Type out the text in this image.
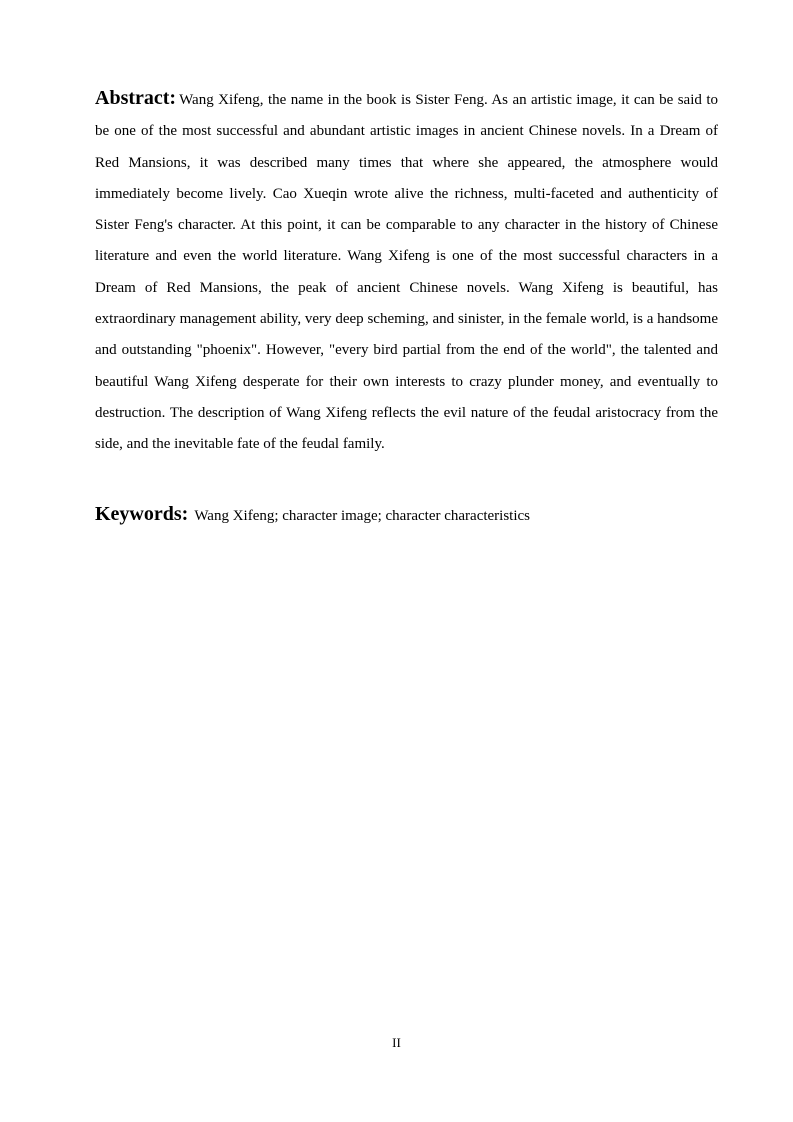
Abstract: Wang Xifeng, the name in the book is Sister Feng. As an artistic image, it can be said to be one of the most successful and abundant artistic images in ancient Chinese novels. In a Dream of Red Mansions, it was described many times that where she appeared, the atmosphere would immediately become lively. Cao Xueqin wrote alive the richness, multi-faceted and authenticity of Sister Feng's character. At this point, it can be comparable to any character in the history of Chinese literature and even the world literature. Wang Xifeng is one of the most successful characters in a Dream of Red Mansions, the peak of ancient Chinese novels. Wang Xifeng is beautiful, has extraordinary management ability, very deep scheming, and sinister, in the female world, is a handsome and outstanding "phoenix". However, "every bird partial from the end of the world", the talented and beautiful Wang Xifeng desperate for their own interests to crazy plunder money, and eventually to destruction. The description of Wang Xifeng reflects the evil nature of the feudal aristocracy from the side, and the inevitable fate of the feudal family.

Keywords: Wang Xifeng; character image; character characteristics

II
